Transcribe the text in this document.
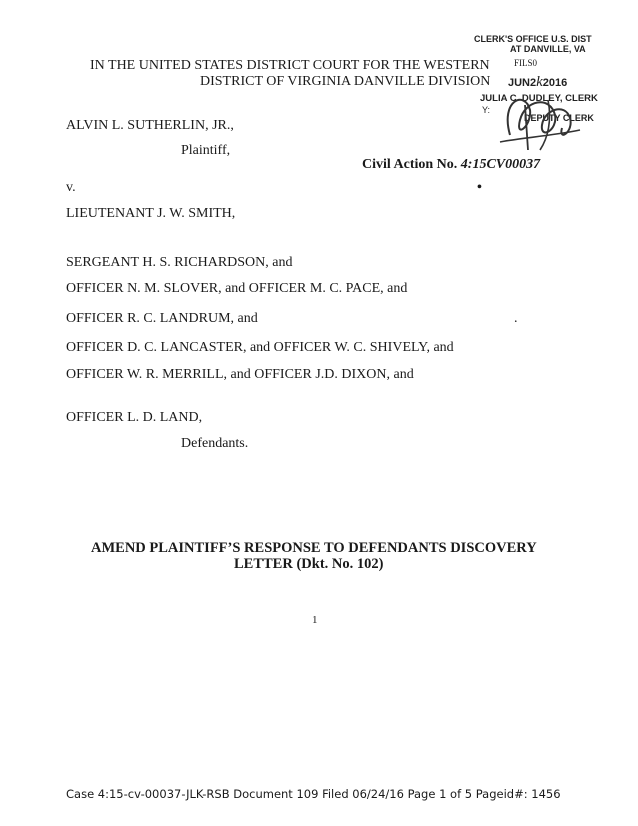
IN THE UNITED STATES DISTRICT COURT FOR THE WESTERN
DISTRICT OF VIRGINIA DANVILLE DIVISION
CLERK'S OFFICE U.S. DIST
AT DANVILLE, VA
FILS0
JUN2k2016
JULIA C. DUDLEY, CLERK
Y:
DEPUTY CLERK
ALVIN L. SUTHERLIN, JR.,
Plaintiff,
Civil Action No. 4:15CV00037
v.	•
LIEUTENANT J. W. SMITH,
SERGEANT H. S. RICHARDSON, and
OFFICER N. M. SLOVER, and OFFICER M. C. PACE, and
OFFICER R. C. LANDRUM, and	.
OFFICER D. C. LANCASTER, and OFFICER W. C. SHIVELY, and
OFFICER W. R. MERRILL, and OFFICER J.D. DIXON, and
OFFICER L. D. LAND,
Defendants.
AMEND PLAINTIFF’S RESPONSE TO DEFENDANTS DISCOVERY
LETTER (Dkt. No. 102)
1
Case 4:15-cv-00037-JLK-RSB Document 109 Filed 06/24/16 Page 1 of 5 Pageid#: 1456
